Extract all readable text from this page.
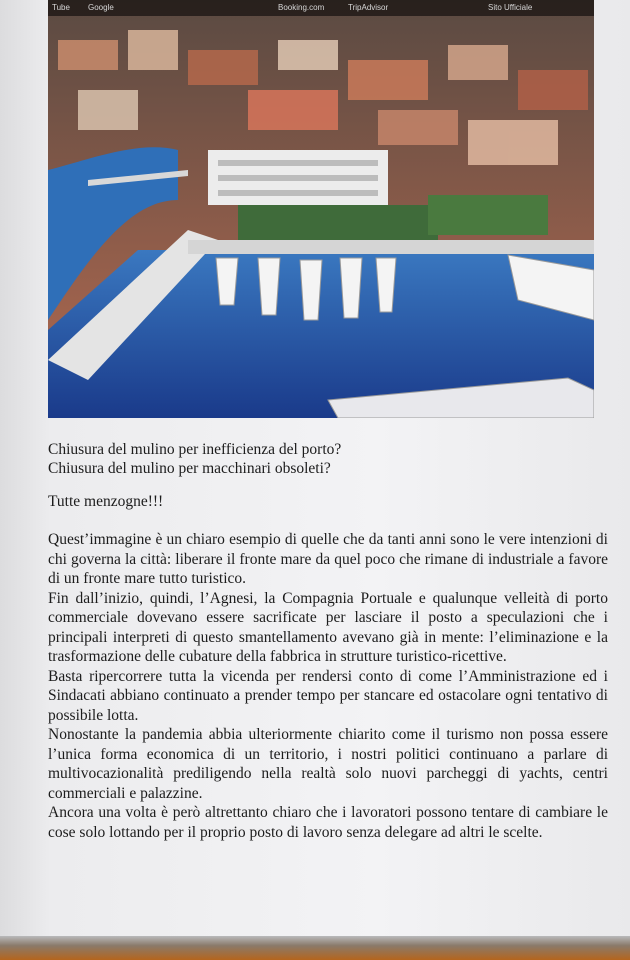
Tube Google	Booking.com	TripAdvisor	Sito Ufficiale
Chiusura del mulino per inefficienza del porto?
Chiusura del mulino per macchinari obsoleti?
Tutte menzogne!!!

Quest’immagine è un chiaro esempio di quelle che da tanti anni sono le vere intenzioni di chi governa la città: liberare il fronte mare da quel poco che rimane di industriale a favore di un fronte mare tutto turistico.

Fin dall’inizio, quindi, l’Agnesi, la Compagnia Portuale e qualunque velleità di porto commerciale dovevano essere sacrificate per lasciare il posto a speculazioni che i principali interpreti di questo smantellamento avevano già in mente: l’eliminazione e la trasformazione delle cubature della fabbrica in strutture turistico-ricettive.

Basta ripercorrere tutta la vicenda per rendersi conto di come l’Amministrazione ed i Sindacati abbiano continuato a prender tempo per stancare ed ostacolare ogni tentativo di possibile lotta.

Nonostante la pandemia abbia ulteriormente chiarito come il turismo non possa essere l’unica forma economica di un territorio, i nostri politici continuano a parlare di multivocazionalità prediligendo nella realtà solo nuovi parcheggi di yachts, centri commerciali e palazzine.

Ancora una volta è però altrettanto chiaro che i lavoratori possono tentare di cambiare le cose solo lottando per il proprio posto di lavoro senza delegare ad altri le scelte.
